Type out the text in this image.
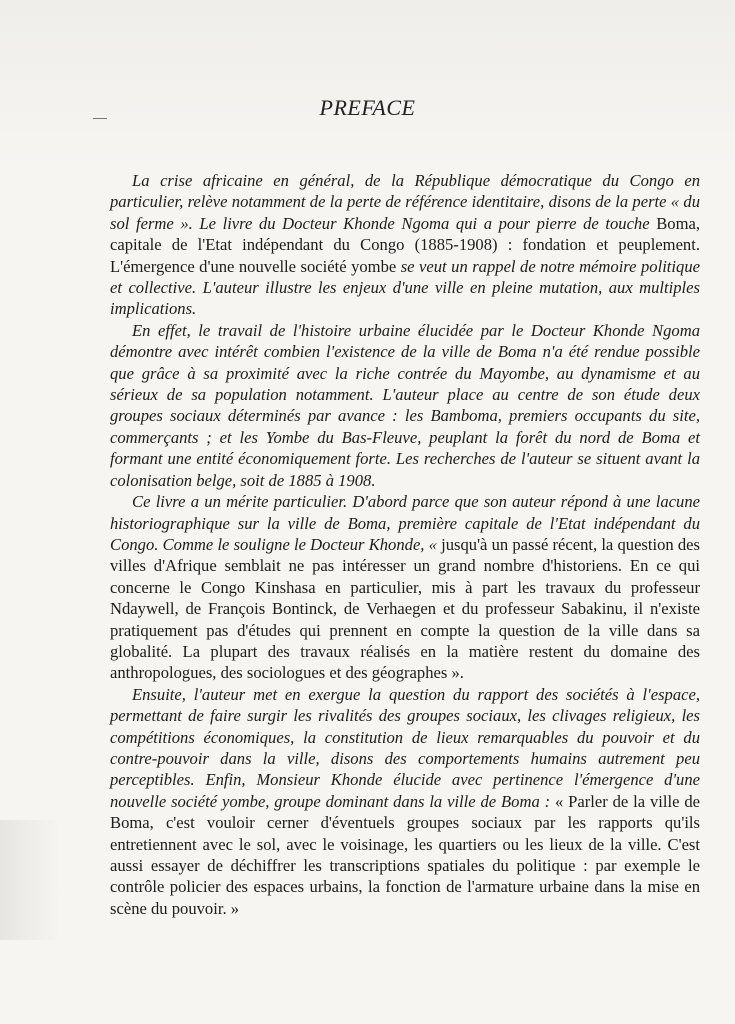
PREFACE

La crise africaine en général, de la République démocratique du Congo en particulier, relève notamment de la perte de référence identitaire, disons de la perte « du sol ferme ». Le livre du Docteur Khonde Ngoma qui a pour pierre de touche Boma, capitale de l'Etat indépendant du Congo (1885-1908) : fondation et peuplement. L'émergence d'une nouvelle société yombe se veut un rappel de notre mémoire politique et collective. L'auteur illustre les enjeux d'une ville en pleine mutation, aux multiples implications.

En effet, le travail de l'histoire urbaine élucidée par le Docteur Khonde Ngoma démontre avec intérêt combien l'existence de la ville de Boma n'a été rendue possible que grâce à sa proximité avec la riche contrée du Mayombe, au dynamisme et au sérieux de sa population notamment. L'auteur place au centre de son étude deux groupes sociaux déterminés par avance : les Bamboma, premiers occupants du site, commerçants ; et les Yombe du Bas-Fleuve, peuplant la forêt du nord de Boma et formant une entité économiquement forte. Les recherches de l'auteur se situent avant la colonisation belge, soit de 1885 à 1908.

Ce livre a un mérite particulier. D'abord parce que son auteur répond à une lacune historiographique sur la ville de Boma, première capitale de l'Etat indépendant du Congo. Comme le souligne le Docteur Khonde, « jusqu'à un passé récent, la question des villes d'Afrique semblait ne pas intéresser un grand nombre d'historiens. En ce qui concerne le Congo Kinshasa en particulier, mis à part les travaux du professeur Ndaywell, de François Bontinck, de Verhaegen et du professeur Sabakinu, il n'existe pratiquement pas d'études qui prennent en compte la question de la ville dans sa globalité. La plupart des travaux réalisés en la matière restent du domaine des anthropologues, des sociologues et des géographes ».

Ensuite, l'auteur met en exergue la question du rapport des sociétés à l'espace, permettant de faire surgir les rivalités des groupes sociaux, les clivages religieux, les compétitions économiques, la constitution de lieux remarquables du pouvoir et du contre-pouvoir dans la ville, disons des comportements humains autrement peu perceptibles. Enfin, Monsieur Khonde élucide avec pertinence l'émergence d'une nouvelle société yombe, groupe dominant dans la ville de Boma : « Parler de la ville de Boma, c'est vouloir cerner d'éventuels groupes sociaux par les rapports qu'ils entretiennent avec le sol, avec le voisinage, les quartiers ou les lieux de la ville. C'est aussi essayer de déchiffrer les transcriptions spatiales du politique : par exemple le contrôle policier des espaces urbains, la fonction de l'armature urbaine dans la mise en scène du pouvoir. »
